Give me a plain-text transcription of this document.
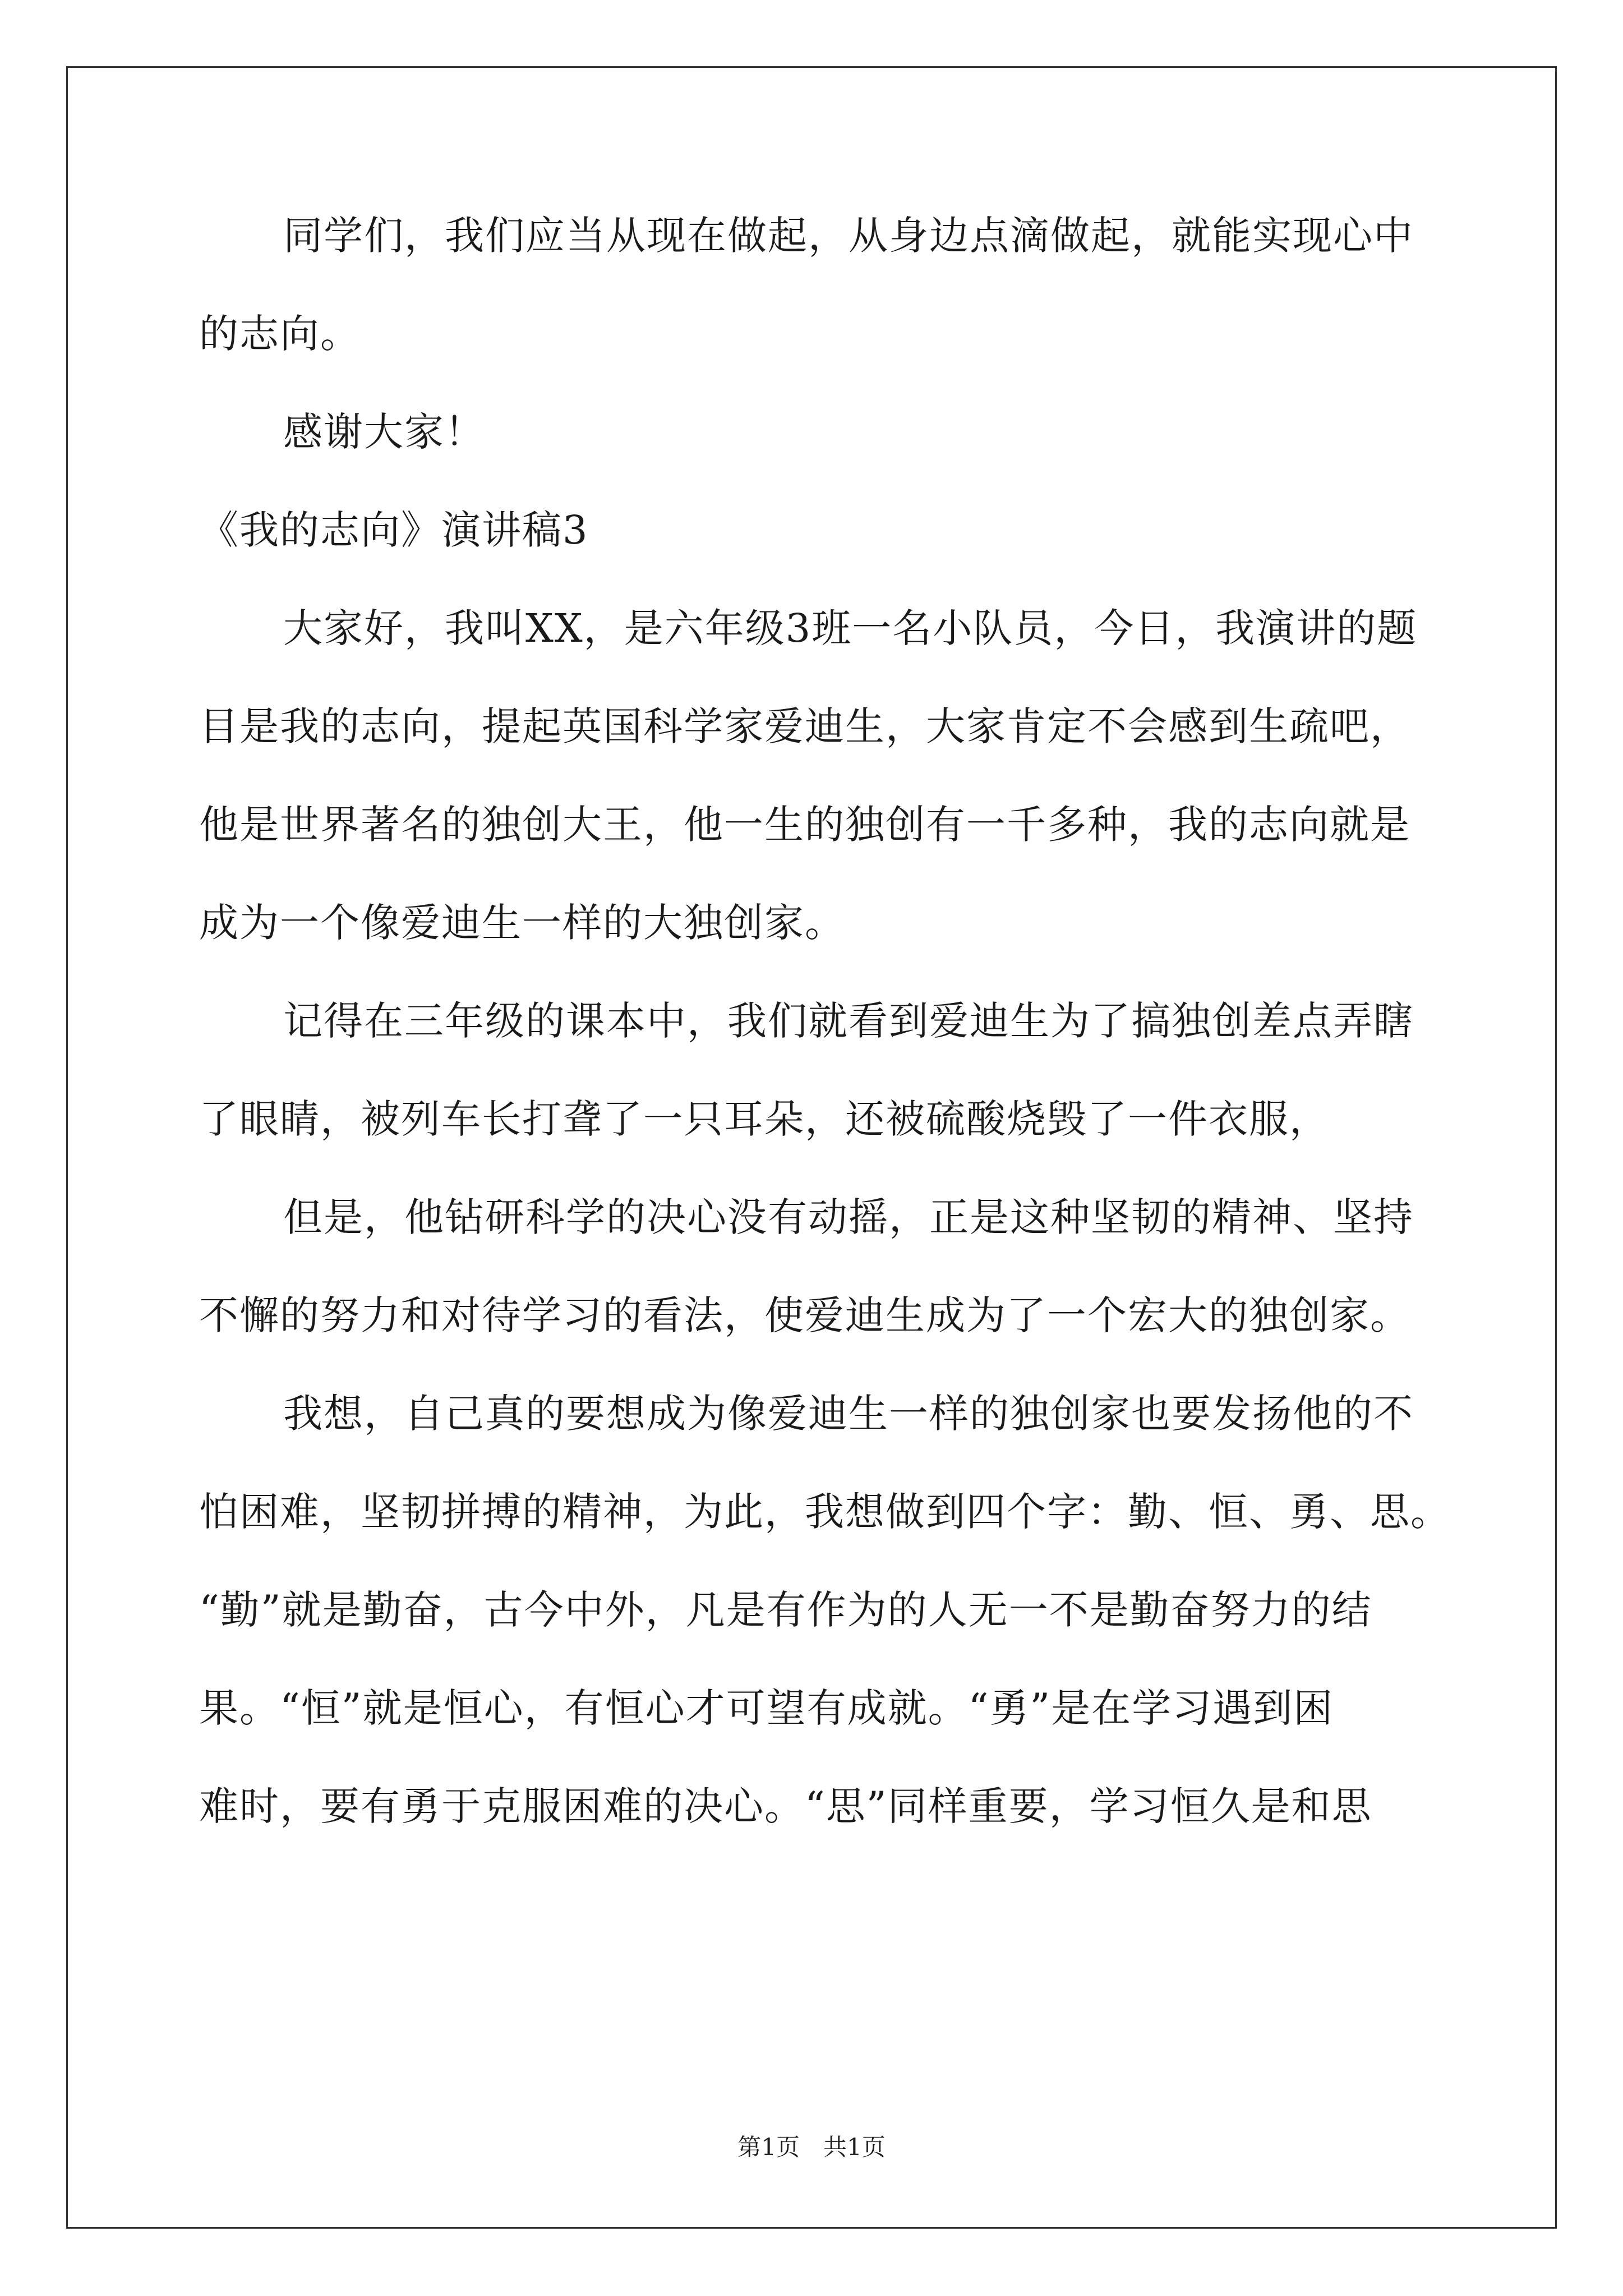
同学们，我们应当从现在做起，从身边点滴做起，就能实现心中
的志向。
感谢大家！
《我的志向》演讲稿3
大家好，我叫XX，是六年级3班一名小队员，今日，我演讲的题
目是我的志向，提起英国科学家爱迪生，大家肯定不会感到生疏吧，
他是世界著名的独创大王，他一生的独创有一千多种，我的志向就是
成为一个像爱迪生一样的大独创家。
记得在三年级的课本中，我们就看到爱迪生为了搞独创差点弄瞎
了眼睛，被列车长打聋了一只耳朵，还被硫酸烧毁了一件衣服，
但是，他钻研科学的决心没有动摇，正是这种坚韧的精神、坚持
不懈的努力和对待学习的看法，使爱迪生成为了一个宏大的独创家。
我想，自己真的要想成为像爱迪生一样的独创家也要发扬他的不
怕困难，坚韧拼搏的精神，为此，我想做到四个字：勤、恒、勇、思。
“勤”就是勤奋，古今中外，凡是有作为的人无一不是勤奋努力的结
果。“恒”就是恒心，有恒心才可望有成就。“勇”是在学习遇到困
难时，要有勇于克服困难的决心。“思”同样重要，学习恒久是和思
第1页　共1页
